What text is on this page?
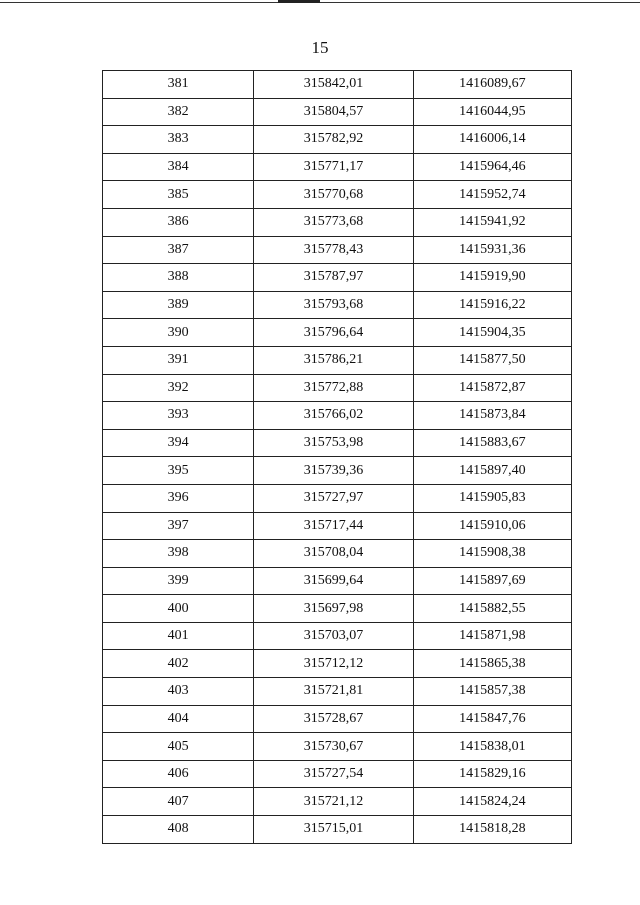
15
381	315842,01	1416089,67
382	315804,57	1416044,95
383	315782,92	1416006,14
384	315771,17	1415964,46
385	315770,68	1415952,74
386	315773,68	1415941,92
387	315778,43	1415931,36
388	315787,97	1415919,90
389	315793,68	1415916,22
390	315796,64	1415904,35
391	315786,21	1415877,50
392	315772,88	1415872,87
393	315766,02	1415873,84
394	315753,98	1415883,67
395	315739,36	1415897,40
396	315727,97	1415905,83
397	315717,44	1415910,06
398	315708,04	1415908,38
399	315699,64	1415897,69
400	315697,98	1415882,55
401	315703,07	1415871,98
402	315712,12	1415865,38
403	315721,81	1415857,38
404	315728,67	1415847,76
405	315730,67	1415838,01
406	315727,54	1415829,16
407	315721,12	1415824,24
408	315715,01	1415818,28
